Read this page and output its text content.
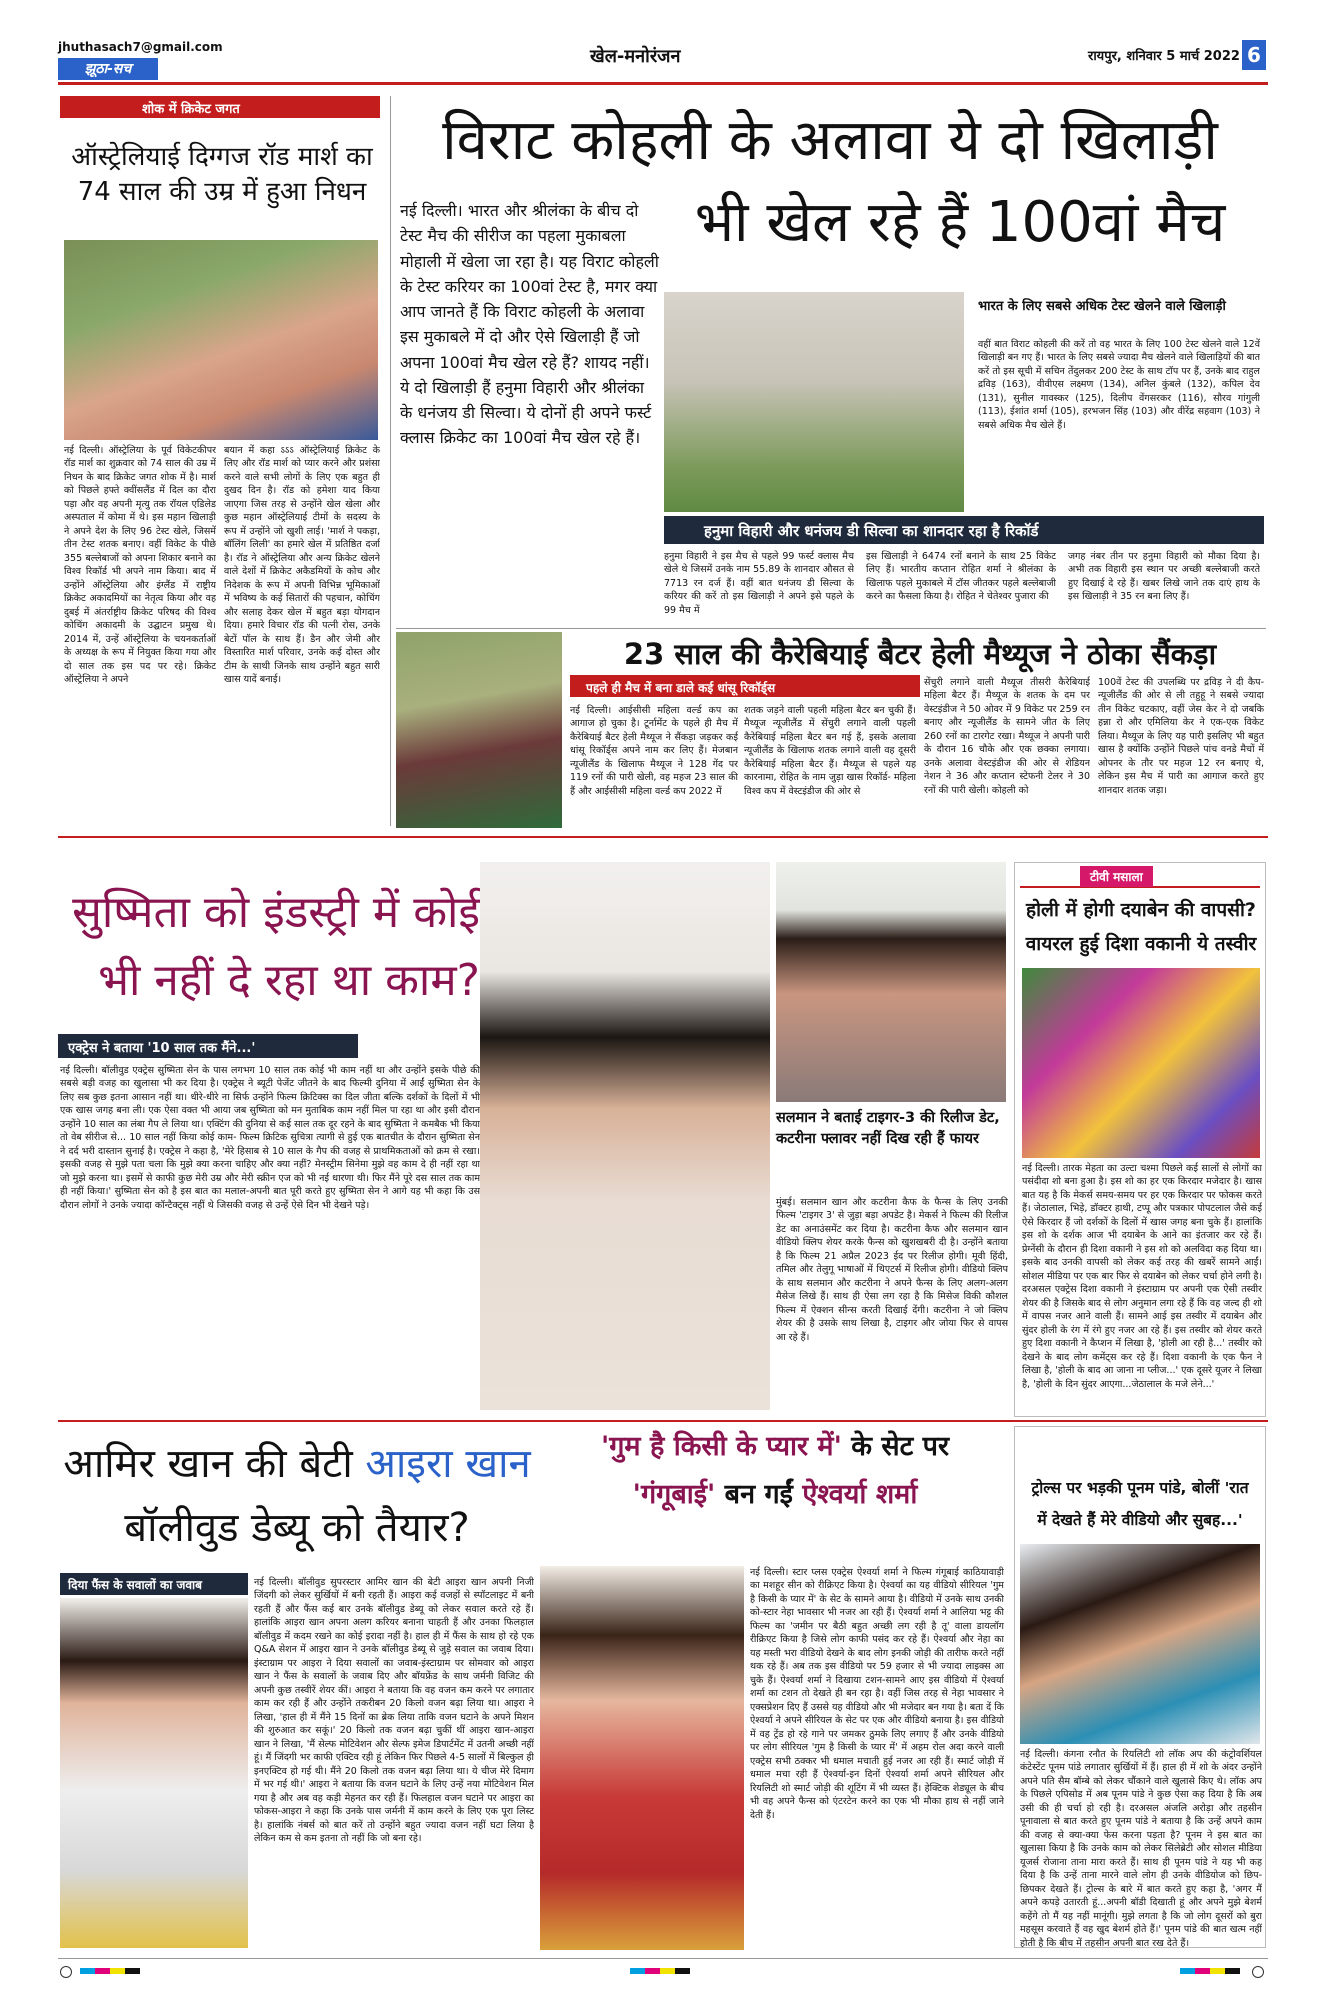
jhuthasach7@gmail.com
झूठा-सच
खेल-मनोरंजन	रायपुर, शनिवार 5 मार्च 2022 6
शोक में क्रिकेट जगत
ऑस्ट्रेलियाई दिग्गज रॉड मार्श का 74 साल की उम्र में हुआ निधन
नई दिल्ली। ऑस्ट्रेलिया के पूर्व विकेटकीपर रॉड मार्श का शुक्रवार को 74 साल की उम्र में निधन के बाद क्रिकेट जगत शोक में है। मार्श को पिछले हफ्ते क्वींसलैंड में दिल का दौरा पड़ा और वह अपनी मृत्यु तक रॉयल एडिलेड अस्पताल में कोमा में थे। इस महान खिलाड़ी ने अपने देश के लिए 96 टेस्ट खेले, जिसमें तीन टेस्ट शतक बनाए। वहीं विकेट के पीछे 355 बल्लेबाजों को अपना शिकार बनाने का विश्व रिकॉर्ड भी अपने नाम किया। बाद में उन्होंने ऑस्ट्रेलिया और इंग्लैंड में राष्ट्रीय क्रिकेट अकादमियों का नेतृत्व किया और वह दुबई में अंतर्राष्ट्रीय क्रिकेट परिषद की विश्व कोचिंग अकादमी के उद्घाटन प्रमुख थे। 2014 में, उन्हें ऑस्ट्रेलिया के चयनकर्ताओं के अध्यक्ष के रूप में नियुक्त किया गया और दो साल तक इस पद पर रहे। क्रिकेट ऑस्ट्रेलिया ने अपने
बयान में कहा ऽऽऽ ऑस्ट्रेलियाई क्रिकेट के लिए और रॉड मार्श को प्यार करने और प्रशंसा करने वाले सभी लोगों के लिए एक बहुत ही दुखद दिन है। रॉड को हमेशा याद किया जाएगा जिस तरह से उन्होंने खेल खेला और कुछ महान ऑस्ट्रेलियाई टीमों के सदस्य के रूप में उन्होंने जो खुशी लाई। 'मार्श ने पकड़ा, बॉलिंग लिली' का हमारे खेल में प्रतिष्ठित दर्जा है। रॉड ने ऑस्ट्रेलिया और अन्य क्रिकेट खेलने वाले देशों में क्रिकेट अकैडमियों के कोच और निदेशक के रूप में अपनी विभिन्न भूमिकाओं में भविष्य के कई सितारों की पहचान, कोचिंग और सलाह देकर खेल में बहुत बड़ा योगदान दिया। हमारे विचार रॉड की पत्नी रोस, उनके बेटों पॉल के साथ हैं। डैन और जेमी और विस्तारित मार्श परिवार, उनके कई दोस्त और टीम के साथी जिनके साथ उन्होंने बहुत सारी खास यादें बनाई।
विराट कोहली के अलावा ये दो खिलाड़ी
भी खेल रहे हैं 100वां मैच
नई दिल्ली। भारत और श्रीलंका के बीच दो टेस्ट मैच की सीरीज का पहला मुकाबला मोहाली में खेला जा रहा है। यह विराट कोहली के टेस्ट करियर का 100वां टेस्ट है, मगर क्या आप जानते हैं कि विराट कोहली के अलावा इस मुकाबले में दो और ऐसे खिलाड़ी हैं जो अपना 100वां मैच खेल रहे हैं? शायद नहीं। ये दो खिलाड़ी हैं हनुमा विहारी और श्रीलंका के धनंजय डी सिल्वा। ये दोनों ही अपने फर्स्ट क्लास क्रिकेट का 100वां मैच खेल रहे हैं।
भारत के लिए सबसे अधिक टेस्ट खेलने वाले खिलाड़ी
वहीं बात विराट कोहली की करें तो वह भारत के लिए 100 टेस्ट खेलने वाले 12वें खिलाड़ी बन गए हैं। भारत के लिए सबसे ज्यादा मैच खेलने वाले खिलाड़ियों की बात करें तो इस सूची में सचिन तेंदुलकर 200 टेस्ट के साथ टॉप पर हैं, उनके बाद राहुल द्रविड़ (163), वीवीएस लक्ष्मण (134), अनिल कुंबले (132), कपिल देव (131), सुनील गावस्कर (125), दिलीप वेंगसरकर (116), सौरव गांगुली (113), ईशांत शर्मा (105), हरभजन सिंह (103) और वीरेंद्र सहवाग (103) ने सबसे अधिक मैच खेले हैं।
हनुमा विहारी और धनंजय डी सिल्वा का शानदार रहा है रिकॉर्ड
हनुमा विहारी ने इस मैच से पहले 99 फर्स्ट क्लास मैच खेले थे जिसमें उनके नाम 55.89 के शानदार औसत से 7713 रन दर्ज हैं। वहीं बात धनंजय डी सिल्वा के करियर की करें तो इस खिलाड़ी ने अपने इसे पहले के 99 मैच में
इस खिलाड़ी ने 6474 रनों बनाने के साथ 25 विकेट लिए हैं। भारतीय कप्तान रोहित शर्मा ने श्रीलंका के खिलाफ पहले मुकाबले में टॉस जीतकर पहले बल्लेबाजी करने का फैसला किया है। रोहित ने चेतेश्वर पुजारा की
जगह नंबर तीन पर हनुमा विहारी को मौका दिया है। अभी तक विहारी इस स्थान पर अच्छी बल्लेबाजी करते हुए दिखाई दे रहे हैं। खबर लिखे जाने तक दाएं हाथ के इस खिलाड़ी ने 35 रन बना लिए हैं।
23 साल की कैरेबियाई बैटर हेली मैथ्यूज ने ठोका सैंकड़ा
पहले ही मैच में बना डाले कई धांसू रिकॉर्ड्स
नई दिल्ली। आईसीसी महिला वर्ल्ड कप का आगाज हो चुका है। टूर्नामेंट के पहले ही मैच में कैरेबियाई बैटर हेली मैथ्यूज ने सैंकड़ा जड़कर कई धांसू रिकॉर्ड्स अपने नाम कर लिए हैं। मेजबान न्यूजीलैंड के खिलाफ मैथ्यूज ने 128 गेंद पर 119 रनों की पारी खेली, वह महज 23 साल की हैं और आईसीसी महिला वर्ल्ड कप 2022 में
शतक जड़ने वाली पहली महिला बैटर बन चुकी हैं। मैथ्यूज न्यूजीलैंड में सेंचुरी लगाने वाली पहली कैरेबियाई महिला बैटर बन गई हैं, इसके अलावा न्यूजीलैंड के खिलाफ शतक लगाने वाली वह दूसरी कैरेबियाई महिला बैटर हैं। मैथ्यूज से पहले यह कारनामा, रोहित के नाम जुड़ा खास रिकॉर्ड- महिला विश्व कप में वेस्टइंडीज की ओर से
सेंचुरी लगाने वाली मैथ्यूज तीसरी कैरेबियाई महिला बैटर हैं। मैथ्यूज के शतक के दम पर वेस्टइंडीज ने 50 ओवर में 9 विकेट पर 259 रन बनाए और न्यूजीलैंड के सामने जीत के लिए 260 रनों का टारगेट रखा। मैथ्यूज ने अपनी पारी के दौरान 16 चौके और एक छक्का लगाया। उनके अलावा वेस्टइंडीज की ओर से शेडियन नेशन ने 36 और कप्तान स्टेफनी टेलर ने 30 रनों की पारी खेली। कोहली को
100वें टेस्ट की उपलब्धि पर द्रविड़ ने दी कैप-न्यूजीलैंड की ओर से ली तहुहू ने सबसे ज्यादा तीन विकेट चटकाए, वहीं जेस केर ने दो जबकि हन्ना रो और एमिलिया केर ने एक-एक विकेट लिया। मैथ्यूज के लिए यह पारी इसलिए भी बहुत खास है क्योंकि उन्होंने पिछले पांच वनडे मैचों में ओपनर के तौर पर महज 12 रन बनाए थे, लेकिन इस मैच में पारी का आगाज करते हुए शानदार शतक जड़ा।
सुष्मिता को इंडस्ट्री में कोई
भी नहीं दे रहा था काम?
एक्ट्रेस ने बताया '10 साल तक मैंने...'
नई दिल्ली। बॉलीवुड एक्ट्रेस सुष्मिता सेन के पास लगभग 10 साल तक कोई भी काम नहीं था और उन्होंने इसके पीछे की सबसे बड़ी वजह का खुलासा भी कर दिया है। एक्ट्रेस ने ब्यूटी पेजेंट जीतने के बाद फिल्मी दुनिया में आईं सुष्मिता सेन के लिए सब कुछ इतना आसान नहीं था। धीरे-धीरे ना सिर्फ उन्होंने फिल्म क्रिटिक्स का दिल जीता बल्कि दर्शकों के दिलों में भी एक खास जगह बना ली। एक ऐसा वक्त भी आया जब सुष्मिता को मन मुताबिक काम नहीं मिल पा रहा था और इसी दौरान उन्होंने 10 साल का लंबा गैप ले लिया था। एक्टिंग की दुनिया से कई साल तक दूर रहने के बाद सुष्मिता ने कमबैक भी किया तो वेब सीरीज से... 10 साल नहीं किया कोई काम- फिल्म क्रिटिक सुचित्रा त्यागी से हुई एक बातचीत के दौरान सुष्मिता सेन ने दर्द भरी दास्तान सुनाई है। एक्ट्रेस ने कहा है, 'मेरे हिसाब से 10 साल के गैप की वजह से प्राथमिकताओं को क्रम से रखा। इसकी वजह से मुझे पता चला कि मुझे क्या करना चाहिए और क्या नहीं? मेनस्ट्रीम सिनेमा मुझे वह काम दे ही नहीं रहा था जो मुझे करना था। इसमें से काफी कुछ मेरी उम्र और मेरी स्क्रीन एज को भी नई धारणा थी। फिर मैंने पूरे दस साल तक काम ही नहीं किया।' सुष्मिता सेन को है इस बात का मलाल-अपनी बात पूरी करते हुए सुष्मिता सेन ने आगे यह भी कहा कि उस दौरान लोगों ने उनके ज्यादा कॉन्टैक्ट्स नहीं थे जिसकी वजह से उन्हें ऐसे दिन भी देखने पड़े।
सलमान ने बताई टाइगर-3 की रिलीज डेट, कटरीना फ्लावर नहीं दिख रही हैं फायर
मुंबई। सलमान खान और कटरीना कैफ के फैन्स के लिए उनकी फिल्म 'टाइगर 3' से जुड़ा बड़ा अपडेट है। मेकर्स ने फिल्म की रिलीज डेट का अनाउंसमेंट कर दिया है। कटरीना कैफ और सलमान खान वीडियो क्लिप शेयर करके फैन्स को खुशखबरी दी है। उन्होंने बताया है कि फिल्म 21 अप्रैल 2023 ईद पर रिलीज होगी। मूवी हिंदी, तमिल और तेलुगू भाषाओं में थिएटर्स में रिलीज होगी। वीडियो क्लिप के साथ सलमान और कटरीना ने अपने फैन्स के लिए अलग-अलग मैसेज लिखे हैं। साथ ही ऐसा लग रहा है कि मिसेज विकी कौशल फिल्म में ऐक्शन सीन्स करती दिखाई देंगी। कटरीना ने जो क्लिप शेयर की है उसके साथ लिखा है, टाइगर और जोया फिर से वापस आ रहे हैं।
टीवी मसाला
होली में होगी दयाबेन की वापसी?
वायरल हुई दिशा वकानी ये तस्वीर
नई दिल्ली। तारक मेहता का उल्टा चश्मा पिछले कई सालों से लोगों का पसंदीदा शो बना हुआ है। इस शो का हर एक किरदार मजेदार है। खास बात यह है कि मेकर्स समय-समय पर हर एक किरदार पर फोकस करते हैं। जेठालाल, भिड़े, डॉक्टर हाथी, टप्पू और पत्रकार पोपटलाल जैसे कई ऐसे किरदार हैं जो दर्शकों के दिलों में खास जगह बना चुके हैं। हालांकि इस शो के दर्शक आज भी दयाबेन के आने का इंतजार कर रहे हैं। प्रेग्नेंसी के दौरान ही दिशा वकानी ने इस शो को अलविदा कह दिया था। इसके बाद उनकी वापसी को लेकर कई तरह की खबरें सामने आईं। सोशल मीडिया पर एक बार फिर से दयाबेन को लेकर चर्चा होने लगी है। दरअसल एक्ट्रेस दिशा वकानी ने इंस्टाग्राम पर अपनी एक ऐसी तस्वीर शेयर की है जिसके बाद से लोग अनुमान लगा रहे हैं कि वह जल्द ही शो में वापस नजर आने वाली हैं। सामने आई इस तस्वीर में दयाबेन और सुंदर होली के रंग में रंगे हुए नजर आ रहे हैं। इस तस्वीर को शेयर करते हुए दिशा वकानी ने कैप्शन में लिखा है, 'होली आ रही है...' तस्वीर को देखने के बाद लोग कमेंट्स कर रहे हैं। दिशा वकानी के एक फैन ने लिखा है, 'होली के बाद आ जाना ना प्लीज...' एक दूसरे यूजर ने लिखा है, 'होली के दिन सुंदर आएगा...जेठालाल के मजे लेने...'
आमिर खान की बेटी आइरा खान
बॉलीवुड डेब्यू को तैयार?
दिया फैंस के सवालों का जवाब	नई दिल्ली। बॉलीवुड सुपरस्टार आमिर खान की बेटी आइरा खान अपनी निजी जिंदगी को लेकर सुर्खियों में बनी रहती हैं। आइरा कई वजहों से स्पॉटलाइट में बनी रहती हैं और फैंस कई बार उनके बॉलीवुड डेब्यू को लेकर सवाल करते रहे हैं। हालांकि आइरा खान अपना अलग करियर बनाना चाहती हैं और उनका फिलहाल बॉलीवुड में कदम रखने का कोई इरादा नहीं है। हाल ही में फैंस के साथ हो रहे एक Q&A सेशन में आइरा खान ने उनके बॉलीवुड डेब्यू से जुड़े सवाल का जवाब दिया। इंस्टाग्राम पर आइरा ने दिया सवालों का जवाब-इंस्टाग्राम पर सोमवार को आइरा खान ने फैंस के सवालों के जवाब दिए और बॉयफ्रेंड के साथ जर्मनी विजिट की अपनी कुछ तस्वीरें शेयर कीं। आइरा ने बताया कि वह वजन कम करने पर लगातार काम कर रही हैं और उन्होंने तकरीबन 20 किलो वजन बढ़ा लिया था। आइरा ने लिखा, 'हाल ही में मैंने 15 दिनों का ब्रेक लिया ताकि वजन घटाने के अपने मिशन की शुरुआत कर सकूं।' 20 किलो तक वजन बढ़ा चुकीं थीं आइरा खान-आइरा खान ने लिखा, 'मैं सेल्फ मोटिवेशन और सेल्फ इमेज डिपार्टमेंट में उतनी अच्छी नहीं हूं। मैं जिंदगी भर काफी एक्टिव रही हूं लेकिन फिर पिछले 4-5 सालों में बिल्कुल ही इनएक्टिव हो गई थी। मैंने 20 किलो तक वजन बढ़ा लिया था। ये चीज मेरे दिमाग में भर गई थी।' आइरा ने बताया कि वजन घटाने के लिए उन्हें नया मोटिवेशन मिल गया है और अब वह कड़ी मेहनत कर रही हैं। फिलहाल वजन घटाने पर आइरा का फोकस-आइरा ने कहा कि उनके पास जर्मनी में काम करने के लिए एक पूरा लिस्ट है। हालांकि नंबर्स को बात करें तो उन्होंने बहुत ज्यादा वजन नहीं घटा लिया है लेकिन कम से कम इतना तो नहीं कि जो बना रहे।
'गुम है किसी के प्यार में' के सेट पर
'गंगूबाई' बन गईं ऐश्वर्या शर्मा
नई दिल्ली। स्टार प्लस एक्ट्रेस ऐश्वर्या शर्मा ने फिल्म गंगूबाई काठियावाड़ी का मशहूर सीन को रीक्रिएट किया है। ऐश्वर्या का यह वीडियो सीरियल 'गुम है किसी के प्यार में' के सेट के सामने आया है। वीडियो में उनके साथ उनकी को-स्टार नेहा भावसार भी नजर आ रही हैं। ऐश्वर्या शर्मा ने आलिया भट्ट की फिल्म का 'जमीन पर बैठी बहुत अच्छी लग रही है तू' वाला डायलॉग रीक्रिएट किया है जिसे लोग काफी पसंद कर रहे हैं। ऐश्वर्या और नेहा का यह मस्ती भरा वीडियो देखने के बाद लोग इनकी जोड़ी की तारीफ करते नहीं थक रहे हैं। अब तक इस वीडियो पर 59 हजार से भी ज्यादा लाइक्स आ चुके हैं। ऐश्वर्या शर्मा ने दिखाया टशन-सामने आए इस वीडियो में ऐश्वर्या शर्मा का टशन तो देखते ही बन रहा है। वहीं जिस तरह से नेहा भावसार ने एक्सप्रेशन दिए हैं उससे यह वीडियो और भी मजेदार बन गया है। बता दें कि ऐश्वर्या ने अपने सीरियल के सेट पर एक और वीडियो बनाया है। इस वीडियो में वह ट्रेंड हो रहे गाने पर जमकर ठुमके लिए लगाए हैं और उनके वीडियो पर लोग सीरियल 'गुम है किसी के प्यार में' में अहम रोल अदा करने वाली एक्ट्रेस सभी ठक्कर भी धमाल मचाती हुई नजर आ रही हैं। स्मार्ट जोड़ी में धमाल मचा रही हैं ऐश्वर्या-इन दिनों ऐश्वर्या शर्मा अपने सीरियल और रियलिटी शो स्मार्ट जोड़ी की शूटिंग में भी व्यस्त हैं। हेक्टिक शेड्यूल के बीच भी वह अपने फैन्स को एंटरटेन करने का एक भी मौका हाथ से नहीं जाने देती हैं।
ट्रोल्स पर भड़की पूनम पांडे, बोलीं 'रात
में देखते हैं मेरे वीडियो और सुबह...'
नई दिल्ली। कंगना रनौत के रियलिटी शो लॉक अप की कंट्रोवर्शियल कंटेस्टेंट पूनम पांडे लगातार सुर्खियों में हैं। हाल ही में शो के अंदर उन्होंने अपने पति सैम बॉम्बे को लेकर चौंकाने वाले खुलासे किए थे। लॉक अप के पिछले एपिसोड में अब पूनम पांडे ने कुछ ऐसा कह दिया है कि अब उसी की ही चर्चा हो रही है। दरअसल अंजलि अरोड़ा और तहसीन पूनावाला से बात करते हुए पूनम पांडे ने बताया है कि उन्हें अपने काम की वजह से क्या-क्या फेस करना पड़ता है? पूनम ने इस बात का खुलासा किया है कि उनके काम को लेकर सिलेब्रेटी और सोशल मीडिया यूजर्स रोजाना ताना मारा करते हैं। साथ ही पूनम पांडे ने यह भी कह दिया है कि उन्हें ताना मारने वाले लोग ही उनके वीडियोज को छिप-छिपकर देखते हैं। ट्रोल्स के बारे में बात करते हुए कहा है, 'अगर मैं अपने कपड़े उतारती हूं...अपनी बॉडी दिखाती हूं और अपने मुझे बेशर्म कहेंगे तो मैं यह नहीं मानूंगी। मुझे लगता है कि जो लोग दूसरों को बुरा महसूस करवाते हैं वह खुद बेशर्म होते हैं।' पूनम पांडे की बात खत्म नहीं होती है कि बीच में तहसीन अपनी बात रख देते हैं।
